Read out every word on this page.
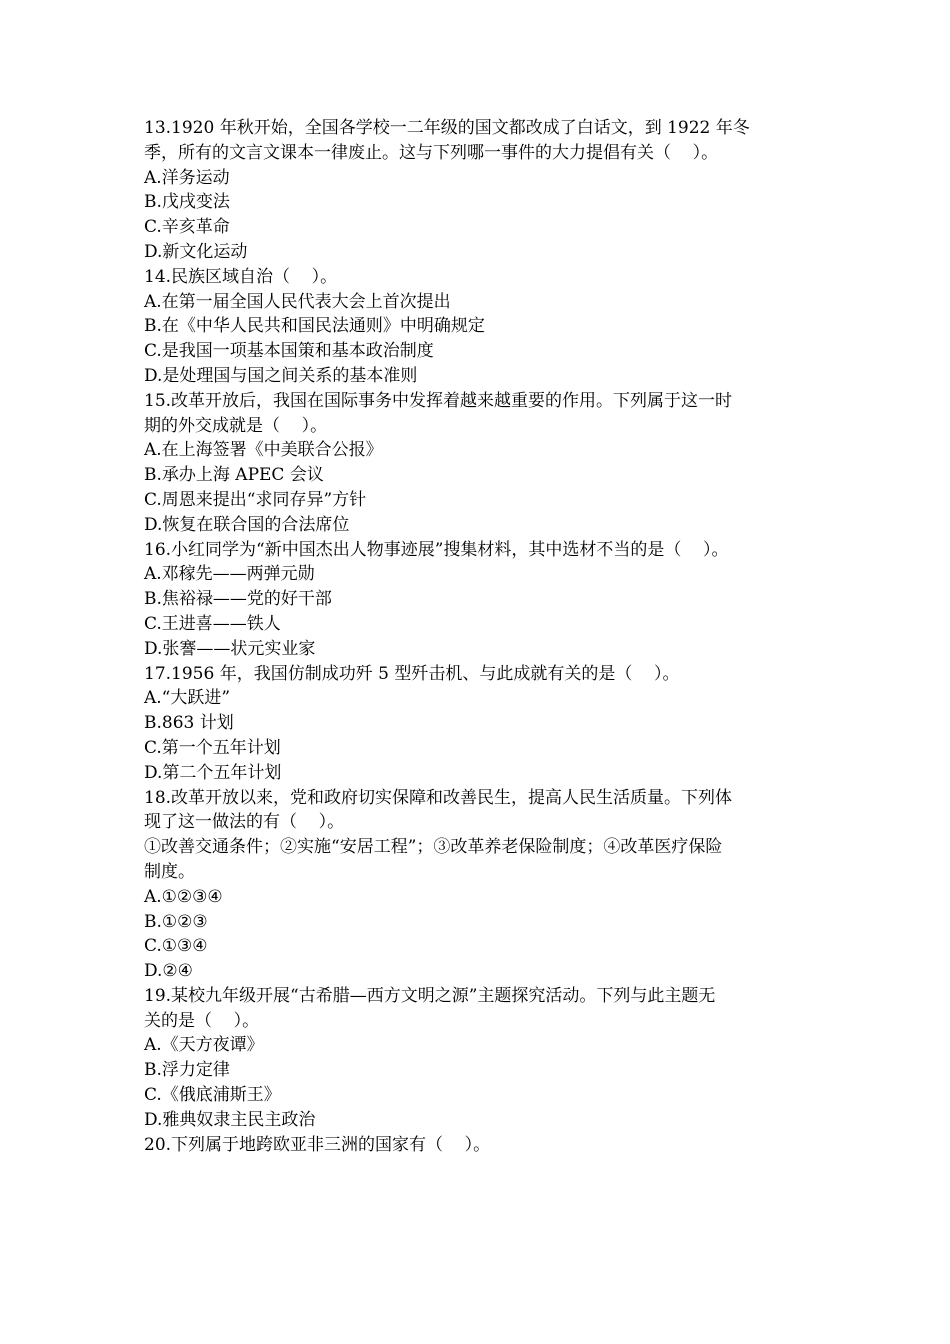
13.1920 年秋开始，全国各学校一二年级的国文都改成了白话文，到 1922 年冬
季，所有的文言文课本一律废止。这与下列哪一事件的大力提倡有关（    ）。
A.洋务运动
B.戊戌变法
C.辛亥革命
D.新文化运动
14.民族区域自治（    ）。
A.在第一届全国人民代表大会上首次提出
B.在《中华人民共和国民法通则》中明确规定
C.是我国一项基本国策和基本政治制度
D.是处理国与国之间关系的基本准则
15.改革开放后，我国在国际事务中发挥着越来越重要的作用。下列属于这一时
期的外交成就是（    ）。
A.在上海签署《中美联合公报》
B.承办上海 APEC 会议
C.周恩来提出“求同存异”方针
D.恢复在联合国的合法席位
16.小红同学为“新中国杰出人物事迹展”搜集材料，其中选材不当的是（    ）。
A.邓稼先——两弹元勋
B.焦裕禄——党的好干部
C.王进喜——铁人
D.张謇——状元实业家
17.1956 年，我国仿制成功歼 5 型歼击机、与此成就有关的是（    ）。
A.“大跃进”
B.863 计划
C.第一个五年计划
D.第二个五年计划
18.改革开放以来，党和政府切实保障和改善民生，提高人民生活质量。下列体
现了这一做法的有（    ）。
①改善交通条件；②实施“安居工程”；③改革养老保险制度；④改革医疗保险
制度。
A.①②③④
B.①②③
C.①③④
D.②④
19.某校九年级开展“古希腊—西方文明之源”主题探究活动。下列与此主题无
关的是（    ）。
A.《天方夜谭》
B.浮力定律
C.《俄底浦斯王》
D.雅典奴隶主民主政治
20.下列属于地跨欧亚非三洲的国家有（    ）。
